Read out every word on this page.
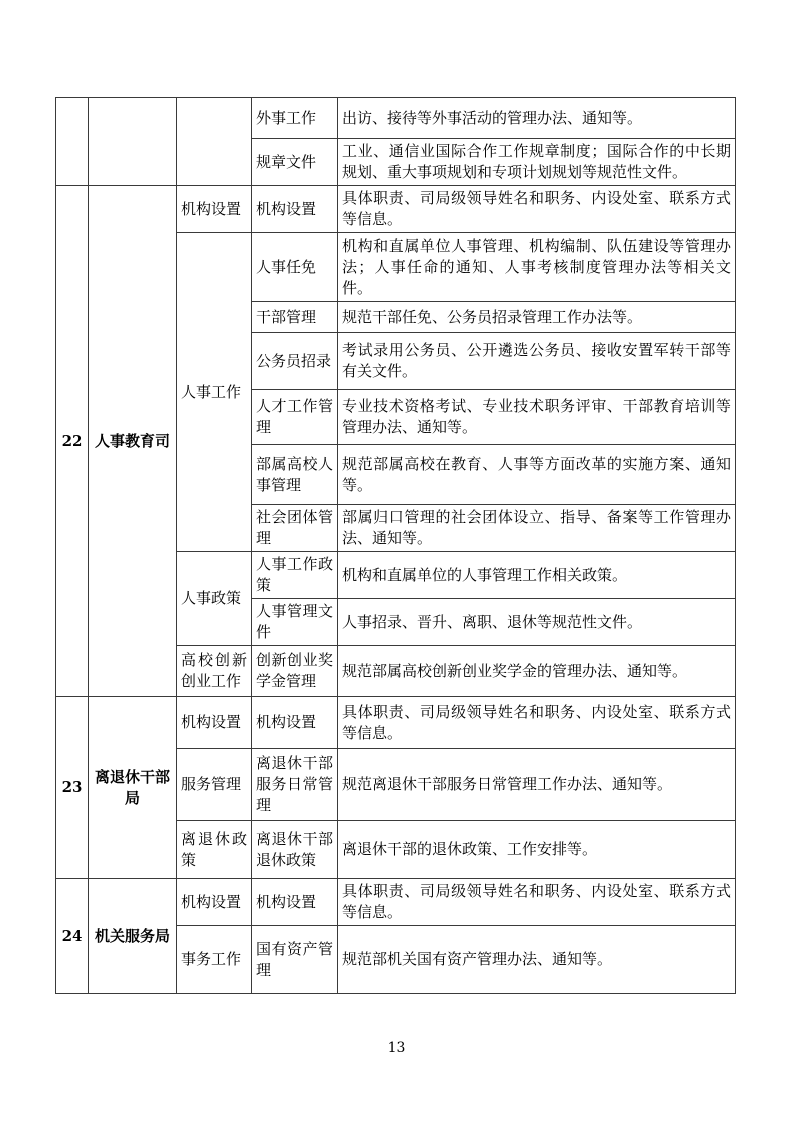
			外事工作	出访、接待等外事活动的管理办法、通知等。
			规章文件	工业、通信业国际合作工作规章制度；国际合作的中长期规划、重大事项规划和专项计划规划等规范性文件。
22	人事教育司	机构设置	机构设置	具体职责、司局级领导姓名和职务、内设处室、联系方式等信息。
		人事工作	人事任免	机构和直属单位人事管理、机构编制、队伍建设等管理办法；人事任命的通知、人事考核制度管理办法等相关文件。
			干部管理	规范干部任免、公务员招录管理工作办法等。
			公务员招录	考试录用公务员、公开遴选公务员、接收安置军转干部等有关文件。
			人才工作管理	专业技术资格考试、专业技术职务评审、干部教育培训等管理办法、通知等。
			部属高校人事管理	规范部属高校在教育、人事等方面改革的实施方案、通知等。
			社会团体管理	部属归口管理的社会团体设立、指导、备案等工作管理办法、通知等。
		人事政策	人事工作政策	机构和直属单位的人事管理工作相关政策。
			人事管理文件	人事招录、晋升、离职、退休等规范性文件。
		高校创新创业工作	创新创业奖学金管理	规范部属高校创新创业奖学金的管理办法、通知等。
23	离退休干部局	机构设置	机构设置	具体职责、司局级领导姓名和职务、内设处室、联系方式等信息。
		服务管理	离退休干部服务日常管理	规范离退休干部服务日常管理工作办法、通知等。
		离退休政策	离退休干部退休政策	离退休干部的退休政策、工作安排等。
24	机关服务局	机构设置	机构设置	具体职责、司局级领导姓名和职务、内设处室、联系方式等信息。
		事务工作	国有资产管理	规范部机关国有资产管理办法、通知等。
13
